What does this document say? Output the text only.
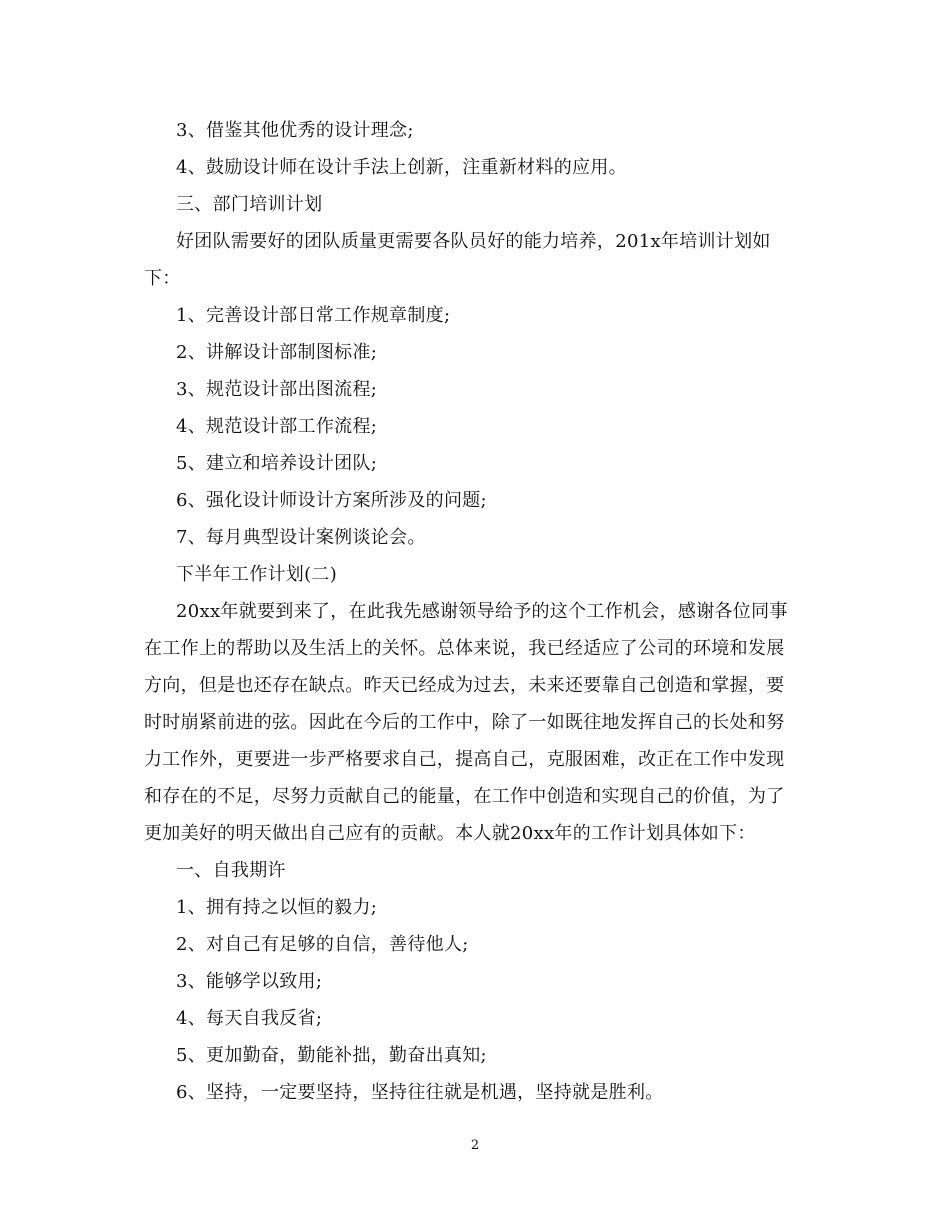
3、借鉴其他优秀的设计理念;
4、鼓励设计师在设计手法上创新，注重新材料的应用。
三、部门培训计划
好团队需要好的团队质量更需要各队员好的能力培养，201x年培训计划如
下：
1、完善设计部日常工作规章制度;
2、讲解设计部制图标准;
3、规范设计部出图流程;
4、规范设计部工作流程;
5、建立和培养设计团队;
6、强化设计师设计方案所涉及的问题;
7、每月典型设计案例谈论会。
下半年工作计划(二)
20xx年就要到来了，在此我先感谢领导给予的这个工作机会，感谢各位同事
在工作上的帮助以及生活上的关怀。总体来说，我已经适应了公司的环境和发展
方向，但是也还存在缺点。昨天已经成为过去，未来还要靠自己创造和掌握，要
时时崩紧前进的弦。因此在今后的工作中，除了一如既往地发挥自己的长处和努
力工作外，更要进一步严格要求自己，提高自己，克服困难，改正在工作中发现
和存在的不足，尽努力贡献自己的能量，在工作中创造和实现自己的价值，为了
更加美好的明天做出自己应有的贡献。本人就20xx年的工作计划具体如下：
一、自我期许
1、拥有持之以恒的毅力;
2、对自己有足够的自信，善待他人;
3、能够学以致用;
4、每天自我反省;
5、更加勤奋，勤能补拙，勤奋出真知;
6、坚持，一定要坚持，坚持往往就是机遇，坚持就是胜利。
2
